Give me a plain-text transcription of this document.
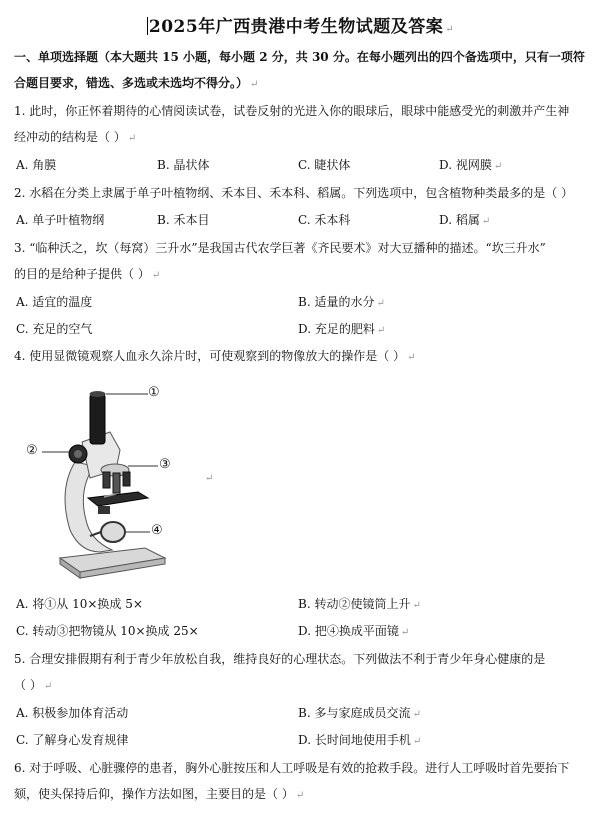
2025年广西贵港中考生物试题及答案 ↵
一、单项选择题（本大题共 15 小题，每小题 2 分，共 30 分。在每小题列出的四个备选项中，只有一项符
合题目要求，错选、多选或未选均不得分。） ↵
1. 此时，你正怀着期待的心情阅读试卷，试卷反射的光进入你的眼球后，眼球中能感受光的刺激并产生神
经冲动的结构是（ ） ↵
A. 角膜	B. 晶状体	C. 睫状体	D. 视网膜 ↵
2. 水稻在分类上隶属于单子叶植物纲、禾本目、禾本科、稻属。下列选项中，包含植物种类最多的是（ ）
A. 单子叶植物纲	B. 禾本目	C. 禾本科	D. 稻属 ↵
3. “临种沃之，坎（每窝）三升水”是我国古代农学巨著《齐民要术》对大豆播种的描述。“坎三升水”
的目的是给种子提供（ ） ↵
A. 适宜的温度	B. 适量的水分 ↵
C. 充足的空气	D. 充足的肥料 ↵
4. 使用显微镜观察人血永久涂片时，可使观察到的物像放大的操作是（ ） ↵
①
②
③
④
↵
A. 将①从 10×换成 5×	B. 转动②使镜筒上升 ↵
C. 转动③把物镜从 10×换成 25×	D. 把④换成平面镜 ↵
5. 合理安排假期有利于青少年放松自我，维持良好的心理状态。下列做法不利于青少年身心健康的是
（ ） ↵
A. 积极参加体育活动	B. 多与家庭成员交流 ↵
C. 了解身心发育规律	D. 长时间地使用手机 ↵
6. 对于呼吸、心脏骤停的患者，胸外心脏按压和人工呼吸是有效的抢救手段。进行人工呼吸时首先要抬下
颏，使头保持后仰，操作方法如图，主要目的是（ ） ↵
